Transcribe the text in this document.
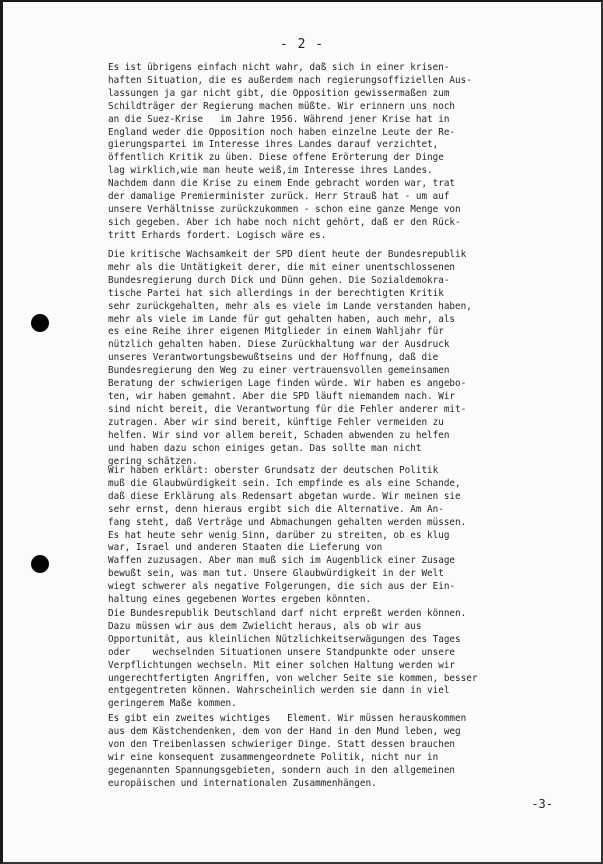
- 2 -
Es ist übrigens einfach nicht wahr, daß sich in einer krisen-
haften Situation, die es außerdem nach regierungsoffiziellen Aus-
lassungen ja gar nicht gibt, die Opposition gewissermaßen zum
Schildträger der Regierung machen müßte. Wir erinnern uns noch
an die Suez-Krise   im Jahre 1956. Während jener Krise hat in
England weder die Opposition noch haben einzelne Leute der Re-
gierungspartei im Interesse ihres Landes darauf verzichtet,
öffentlich Kritik zu üben. Diese offene Erörterung der Dinge
lag wirklich,wie man heute weiß,im Interesse ihres Landes.
Nachdem dann die Krise zu einem Ende gebracht worden war, trat
der damalige Premierminister zurück. Herr Strauß hat - um auf
unsere Verhältnisse zurückzukommen - schon eine ganze Menge von
sich gegeben. Aber ich habe noch nicht gehört, daß er den Rück-
tritt Erhards fordert. Logisch wäre es.
Die kritische Wachsamkeit der SPD dient heute der Bundesrepublik
mehr als die Untätigkeit derer, die mit einer unentschlossenen
Bundesregierung durch Dick und Dünn gehen. Die Sozialdemokra-
tische Partei hat sich allerdings in der berechtigten Kritik
sehr zurückgehalten, mehr als es viele im Lande verstanden haben,
mehr als viele im Lande für gut gehalten haben, auch mehr, als
es eine Reihe ihrer eigenen Mitglieder in einem Wahljahr für
nützlich gehalten haben. Diese Zurückhaltung war der Ausdruck
unseres Verantwortungsbewußtseins und der Hoffnung, daß die
Bundesregierung den Weg zu einer vertrauensvollen gemeinsamen
Beratung der schwierigen Lage finden würde. Wir haben es angebo-
ten, wir haben gemahnt. Aber die SPD läuft niemandem nach. Wir
sind nicht bereit, die Verantwortung für die Fehler anderer mit-
zutragen. Aber wir sind bereit, künftige Fehler vermeiden zu
helfen. Wir sind vor allem bereit, Schaden abwenden zu helfen
und haben dazu schon einiges getan. Das sollte man nicht
gering schätzen.
Wir haben erklärt: oberster Grundsatz der deutschen Politik
muß die Glaubwürdigkeit sein. Ich empfinde es als eine Schande,
daß diese Erklärung als Redensart abgetan wurde. Wir meinen sie
sehr ernst, denn hieraus ergibt sich die Alternative. Am An-
fang steht, daß Verträge und Abmachungen gehalten werden müssen.
Es hat heute sehr wenig Sinn, darüber zu streiten, ob es klug
war, Israel und anderen Staaten die Lieferung von
Waffen zuzusagen. Aber man muß sich im Augenblick einer Zusage
bewußt sein, was man tut. Unsere Glaubwürdigkeit in der Welt
wiegt schwerer als negative Folgerungen, die sich aus der Ein-
haltung eines gegebenen Wortes ergeben könnten.
Die Bundesrepublik Deutschland darf nicht erpreßt werden können.
Dazu müssen wir aus dem Zwielicht heraus, als ob wir aus
Opportunität, aus kleinlichen Nützlichkeitserwägungen des Tages
oder    wechselnden Situationen unsere Standpunkte oder unsere
Verpflichtungen wechseln. Mit einer solchen Haltung werden wir
ungerechtfertigten Angriffen, von welcher Seite sie kommen, besser
entgegentreten können. Wahrscheinlich werden sie dann in viel
geringerem Maße kommen.
Es gibt ein zweites wichtiges   Element. Wir müssen herauskommen
aus dem Kästchendenken, dem von der Hand in den Mund leben, weg
von den Treibenlassen schwieriger Dinge. Statt dessen brauchen
wir eine konsequent zusammengeordnete Politik, nicht nur in
gegenannten Spannungsgebieten, sondern auch in den allgemeinen
europäischen und internationalen Zusammenhängen.
-3-
